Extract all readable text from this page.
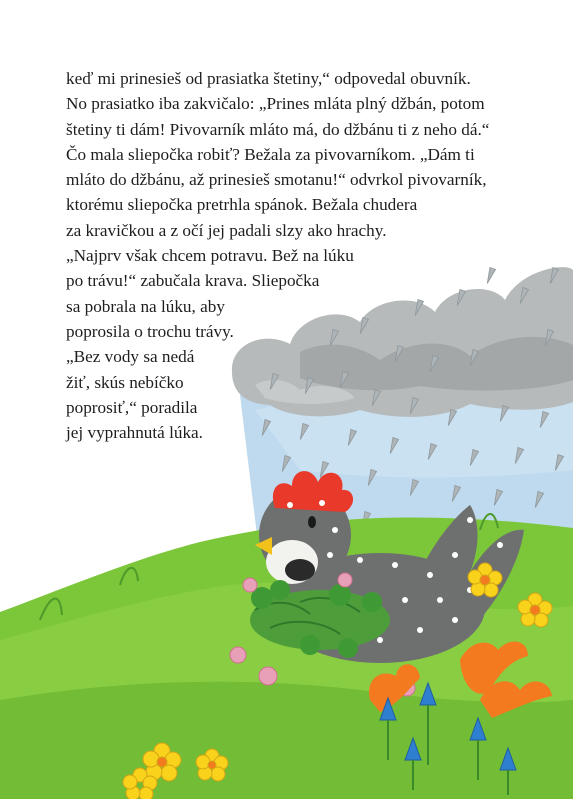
keď mi prinesieš od prasiatka štetiny,“ odpovedal obuvník.
No prasiatko iba zakvičalo: „Prines mláta plný džbán, potom
štetiny ti dám! Pivovarník mláto má, do džbánu ti z neho dá.“
Čo mala sliepočka robiť? Bežala za pivovarníkom. „Dám ti
mláto do džbánu, až prinesieš smotanu!“ odvrkol pivovarník,
ktorému sliepočka pretrhla spánok. Bežala chudera
za kravičkou a z očí jej padali slzy ako hrachy.
„Najprv však chcem potravu. Bež na lúku
po trávu!“ zabučala krava. Sliepočka
sa pobrala na lúku, aby
poprosila o trochu trávy.
„Bez vody sa nedá
žiť, skús nebíčko
poprosiť,“ poradila
jej vyprahnutá lúka.
